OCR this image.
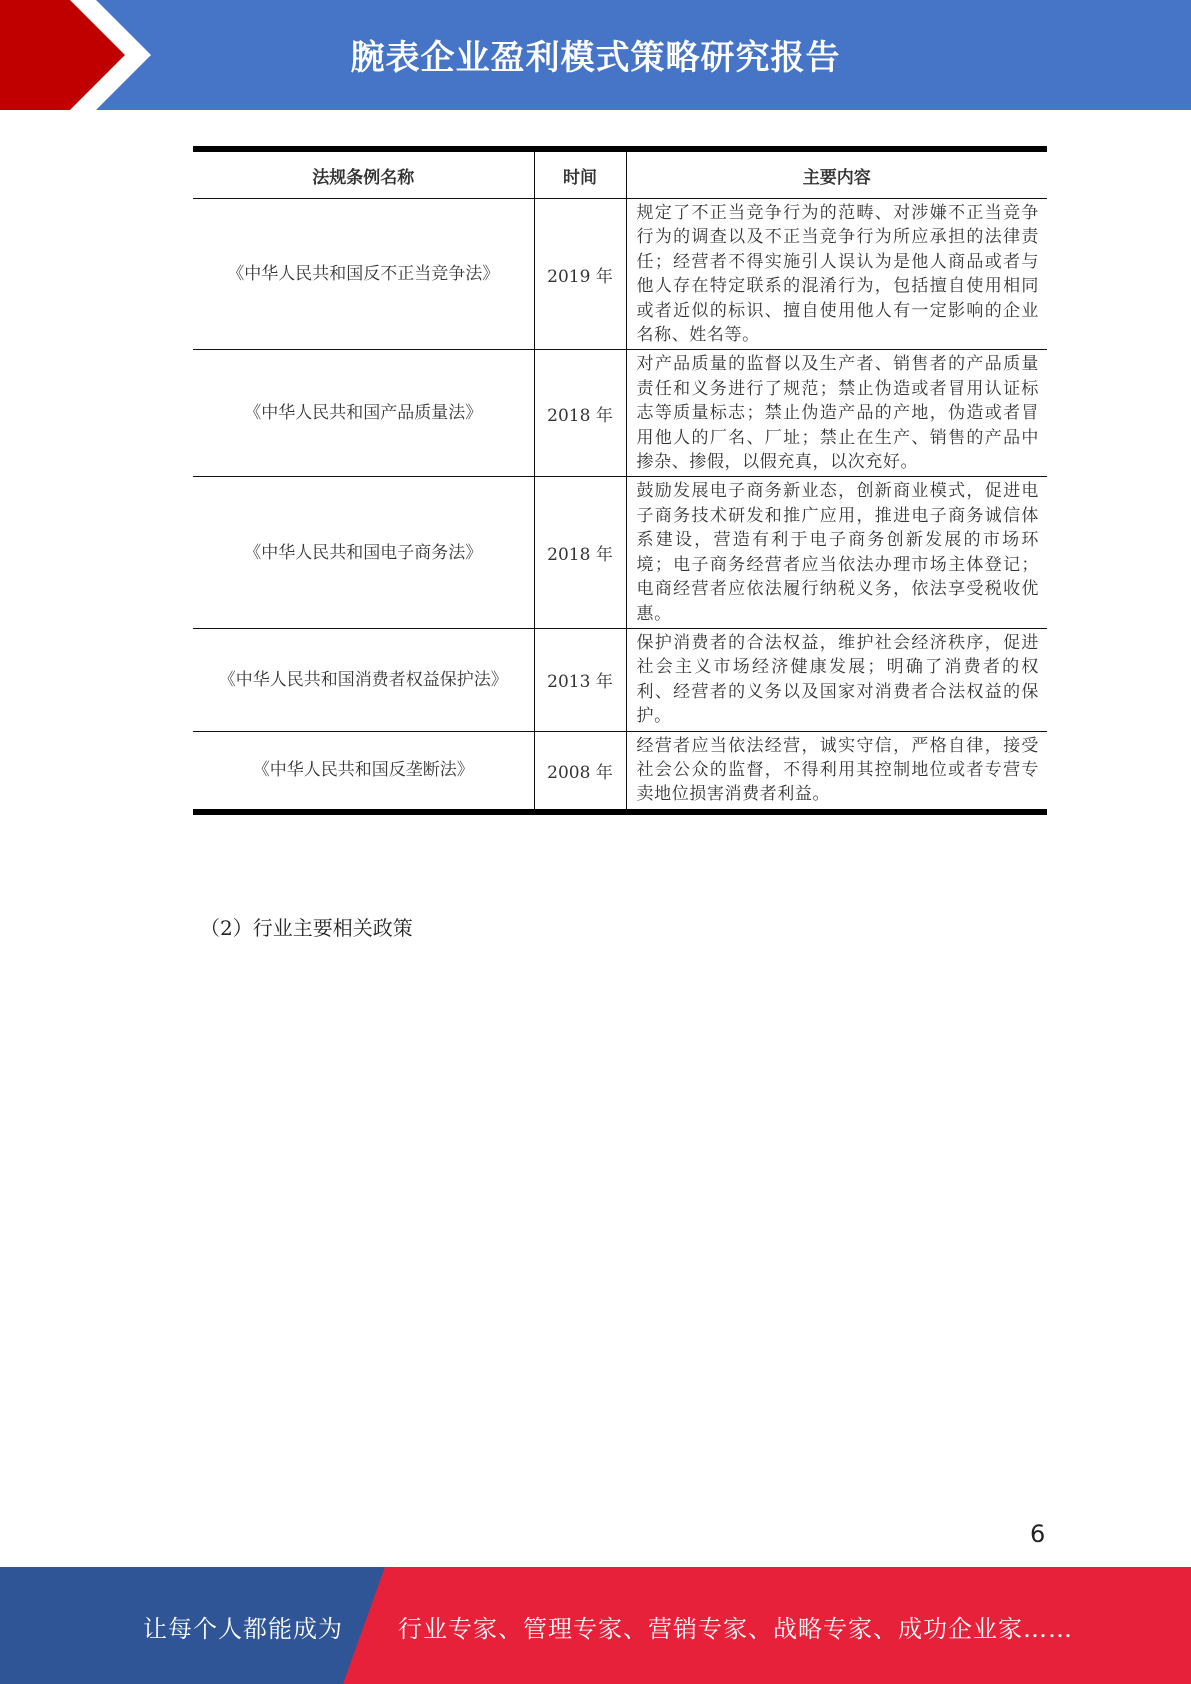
腕表企业盈利模式策略研究报告
法规条例名称	时间	主要内容
《中华人民共和国反不正当竞争法》	2019 年	规定了不正当竞争行为的范畴、对涉嫌不正当竞争行为的调查以及不正当竞争行为所应承担的法律责任；经营者不得实施引人误认为是他人商品或者与他人存在特定联系的混淆行为，包括擅自使用相同或者近似的标识、擅自使用他人有一定影响的企业名称、姓名等。
《中华人民共和国产品质量法》	2018 年	对产品质量的监督以及生产者、销售者的产品质量责任和义务进行了规范；禁止伪造或者冒用认证标志等质量标志；禁止伪造产品的产地，伪造或者冒用他人的厂名、厂址；禁止在生产、销售的产品中掺杂、掺假，以假充真，以次充好。
《中华人民共和国电子商务法》	2018 年	鼓励发展电子商务新业态，创新商业模式，促进电子商务技术研发和推广应用，推进电子商务诚信体系建设，营造有利于电子商务创新发展的市场环境；电子商务经营者应当依法办理市场主体登记；电商经营者应依法履行纳税义务，依法享受税收优惠。
《中华人民共和国消费者权益保护法》	2013 年	保护消费者的合法权益，维护社会经济秩序，促进社会主义市场经济健康发展；明确了消费者的权利、经营者的义务以及国家对消费者合法权益的保护。
《中华人民共和国反垄断法》	2008 年	经营者应当依法经营，诚实守信，严格自律，接受社会公众的监督，不得利用其控制地位或者专营专卖地位损害消费者利益。
（2）行业主要相关政策
6
让每个人都能成为 行业专家、管理专家、营销专家、战略专家、成功企业家……
